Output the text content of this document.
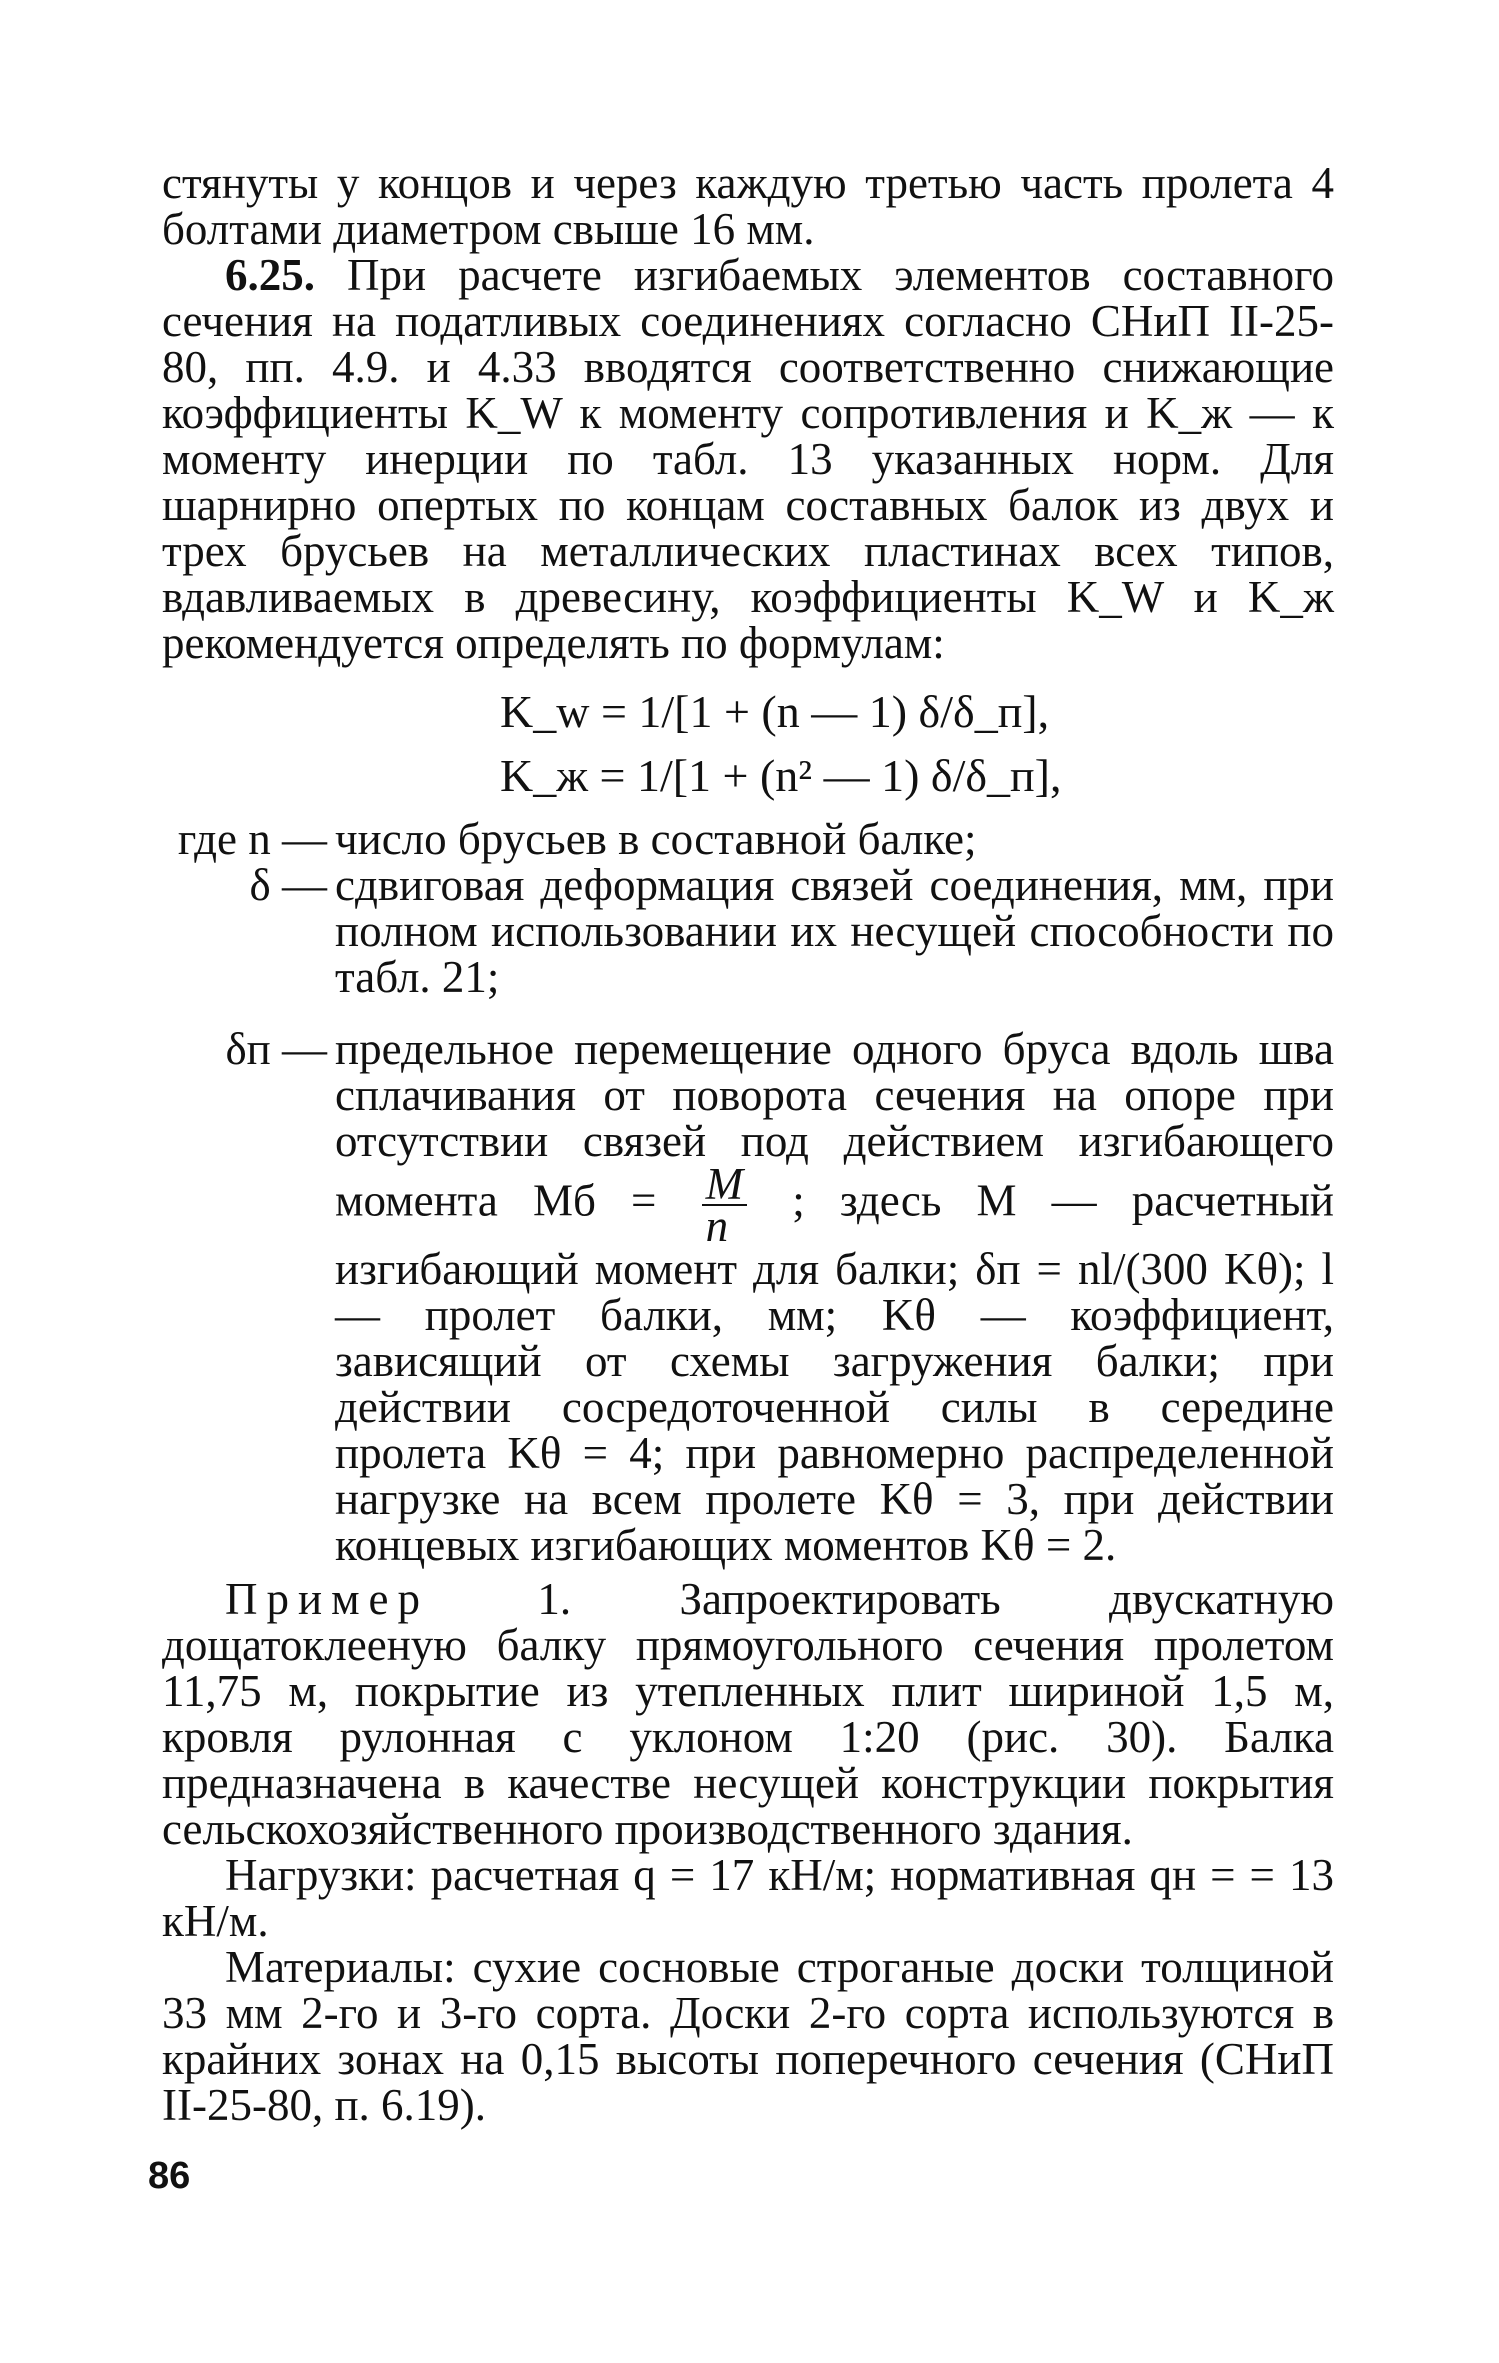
стянуты у концов и через каждую третью часть пролета 4 болтами диаметром свыше 16 мм.

6.25. При расчете изгибаемых элементов составного сечения на податливых соединениях согласно СНиП II-25-80, пп. 4.9. и 4.33 вводятся соответственно снижающие коэффициенты K_W к моменту сопротивления и K_ж — к моменту инерции по табл. 13 указанных норм. Для шарнирно опертых по концам составных балок из двух и трех брусьев на металлических пластинах всех типов, вдавливаемых в древесину, коэффициенты K_W и K_ж рекомендуется определять по формулам:

K_w = 1/[1 + (n — 1) δ/δ_п],
K_ж = 1/[1 + (n² — 1) δ/δ_п],
где n — число брусьев в составной балке;
δ — сдвиговая деформация связей соединения, мм, при полном использовании их несущей способности по табл. 21;
δп — предельное перемещение одного бруса вдоль шва сплачивания от поворота сечения на опоре при отсутствии связей под действием изгибающего момента Mб = $\frac{M}{n}$ ; здесь M — расчетный изгибающий момент для балки; δп = nl/(300 Kθ); l — пролет балки, мм; Kθ — коэффициент, зависящий от схемы загружения балки; при действии сосредоточенной силы в середине пролета Kθ = 4; при равномерно распределенной нагрузке на всем пролете Kθ = 3, при действии концевых изгибающих моментов Kθ = 2.

Пример 1. Запроектировать двускатную дощатоклееную балку прямоугольного сечения пролетом 11,75 м, покрытие из утепленных плит шириной 1,5 м, кровля рулонная с уклоном 1:20 (рис. 30). Балка предназначена в качестве несущей конструкции покрытия сельскохозяйственного производственного здания.

Нагрузки: расчетная q = 17 кН/м; нормативная qн = = 13 кН/м.

Материалы: сухие сосновые строганые доски толщиной 33 мм 2-го и 3-го сорта. Доски 2-го сорта используются в крайних зонах на 0,15 высоты поперечного сечения (СНиП II-25-80, п. 6.19).

86
